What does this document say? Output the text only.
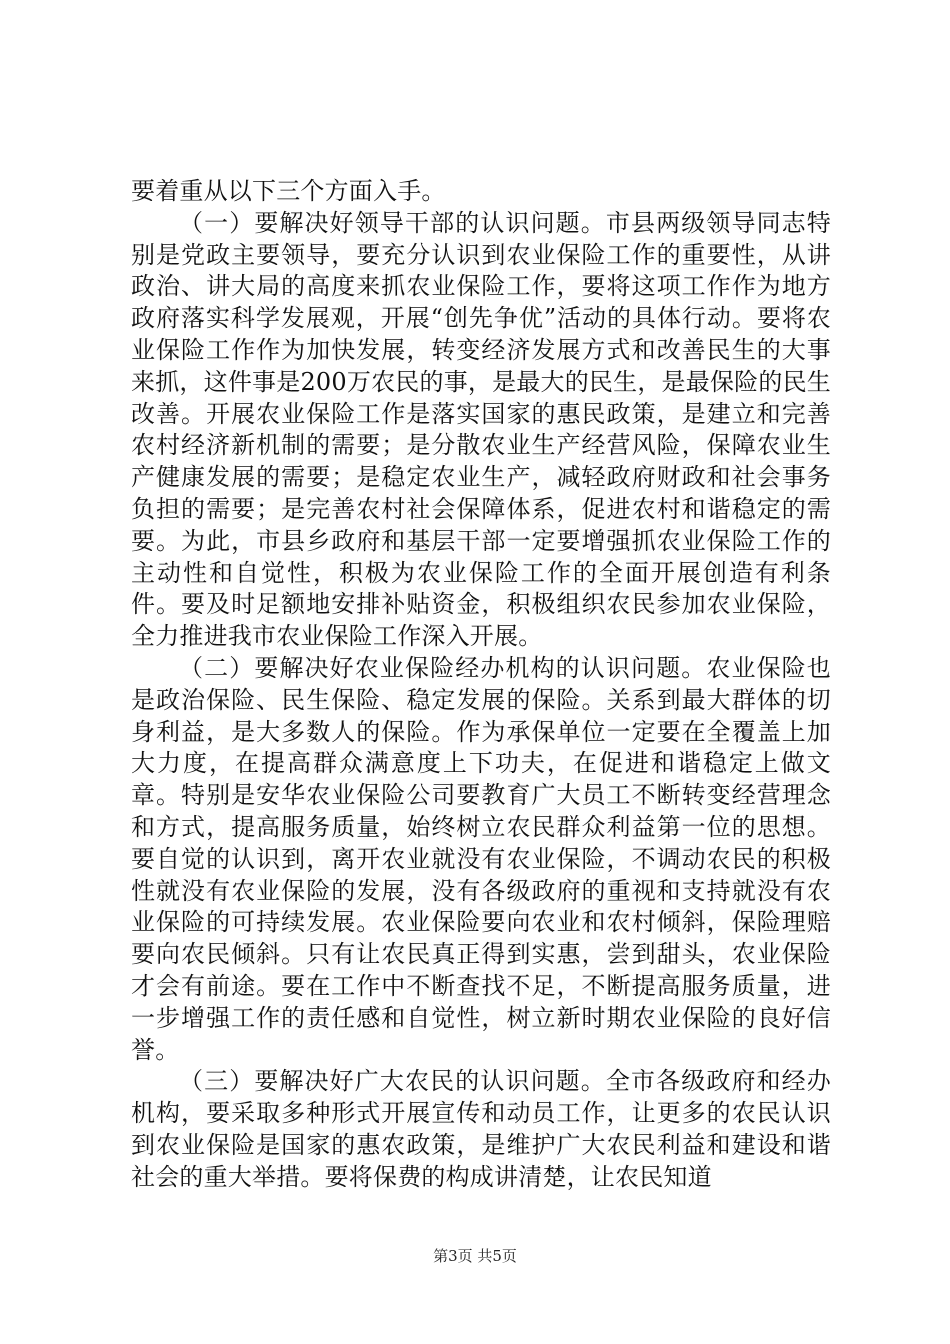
要着重从以下三个方面入手。

（一）要解决好领导干部的认识问题。市县两级领导同志特别是党政主要领导，要充分认识到农业保险工作的重要性，从讲政治、讲大局的高度来抓农业保险工作，要将这项工作作为地方政府落实科学发展观，开展“创先争优”活动的具体行动。要将农业保险工作作为加快发展，转变经济发展方式和改善民生的大事来抓，这件事是200万农民的事，是最大的民生，是最保险的民生改善。开展农业保险工作是落实国家的惠民政策，是建立和完善农村经济新机制的需要；是分散农业生产经营风险，保障农业生产健康发展的需要；是稳定农业生产，减轻政府财政和社会事务负担的需要；是完善农村社会保障体系，促进农村和谐稳定的需要。为此，市县乡政府和基层干部一定要增强抓农业保险工作的主动性和自觉性，积极为农业保险工作的全面开展创造有利条件。要及时足额地安排补贴资金，积极组织农民参加农业保险，全力推进我市农业保险工作深入开展。

（二）要解决好农业保险经办机构的认识问题。农业保险也是政治保险、民生保险、稳定发展的保险。关系到最大群体的切身利益，是大多数人的保险。作为承保单位一定要在全覆盖上加大力度，在提高群众满意度上下功夫，在促进和谐稳定上做文章。特别是安华农业保险公司要教育广大员工不断转变经营理念和方式，提高服务质量，始终树立农民群众利益第一位的思想。要自觉的认识到，离开农业就没有农业保险，不调动农民的积极性就没有农业保险的发展，没有各级政府的重视和支持就没有农业保险的可持续发展。农业保险要向农业和农村倾斜，保险理赔要向农民倾斜。只有让农民真正得到实惠，尝到甜头，农业保险才会有前途。要在工作中不断查找不足，不断提高服务质量，进一步增强工作的责任感和自觉性，树立新时期农业保险的良好信誉。

（三）要解决好广大农民的认识问题。全市各级政府和经办机构，要采取多种形式开展宣传和动员工作，让更多的农民认识到农业保险是国家的惠农政策，是维护广大农民利益和建设和谐社会的重大举措。要将保费的构成讲清楚，让农民知道

第3页 共5页
